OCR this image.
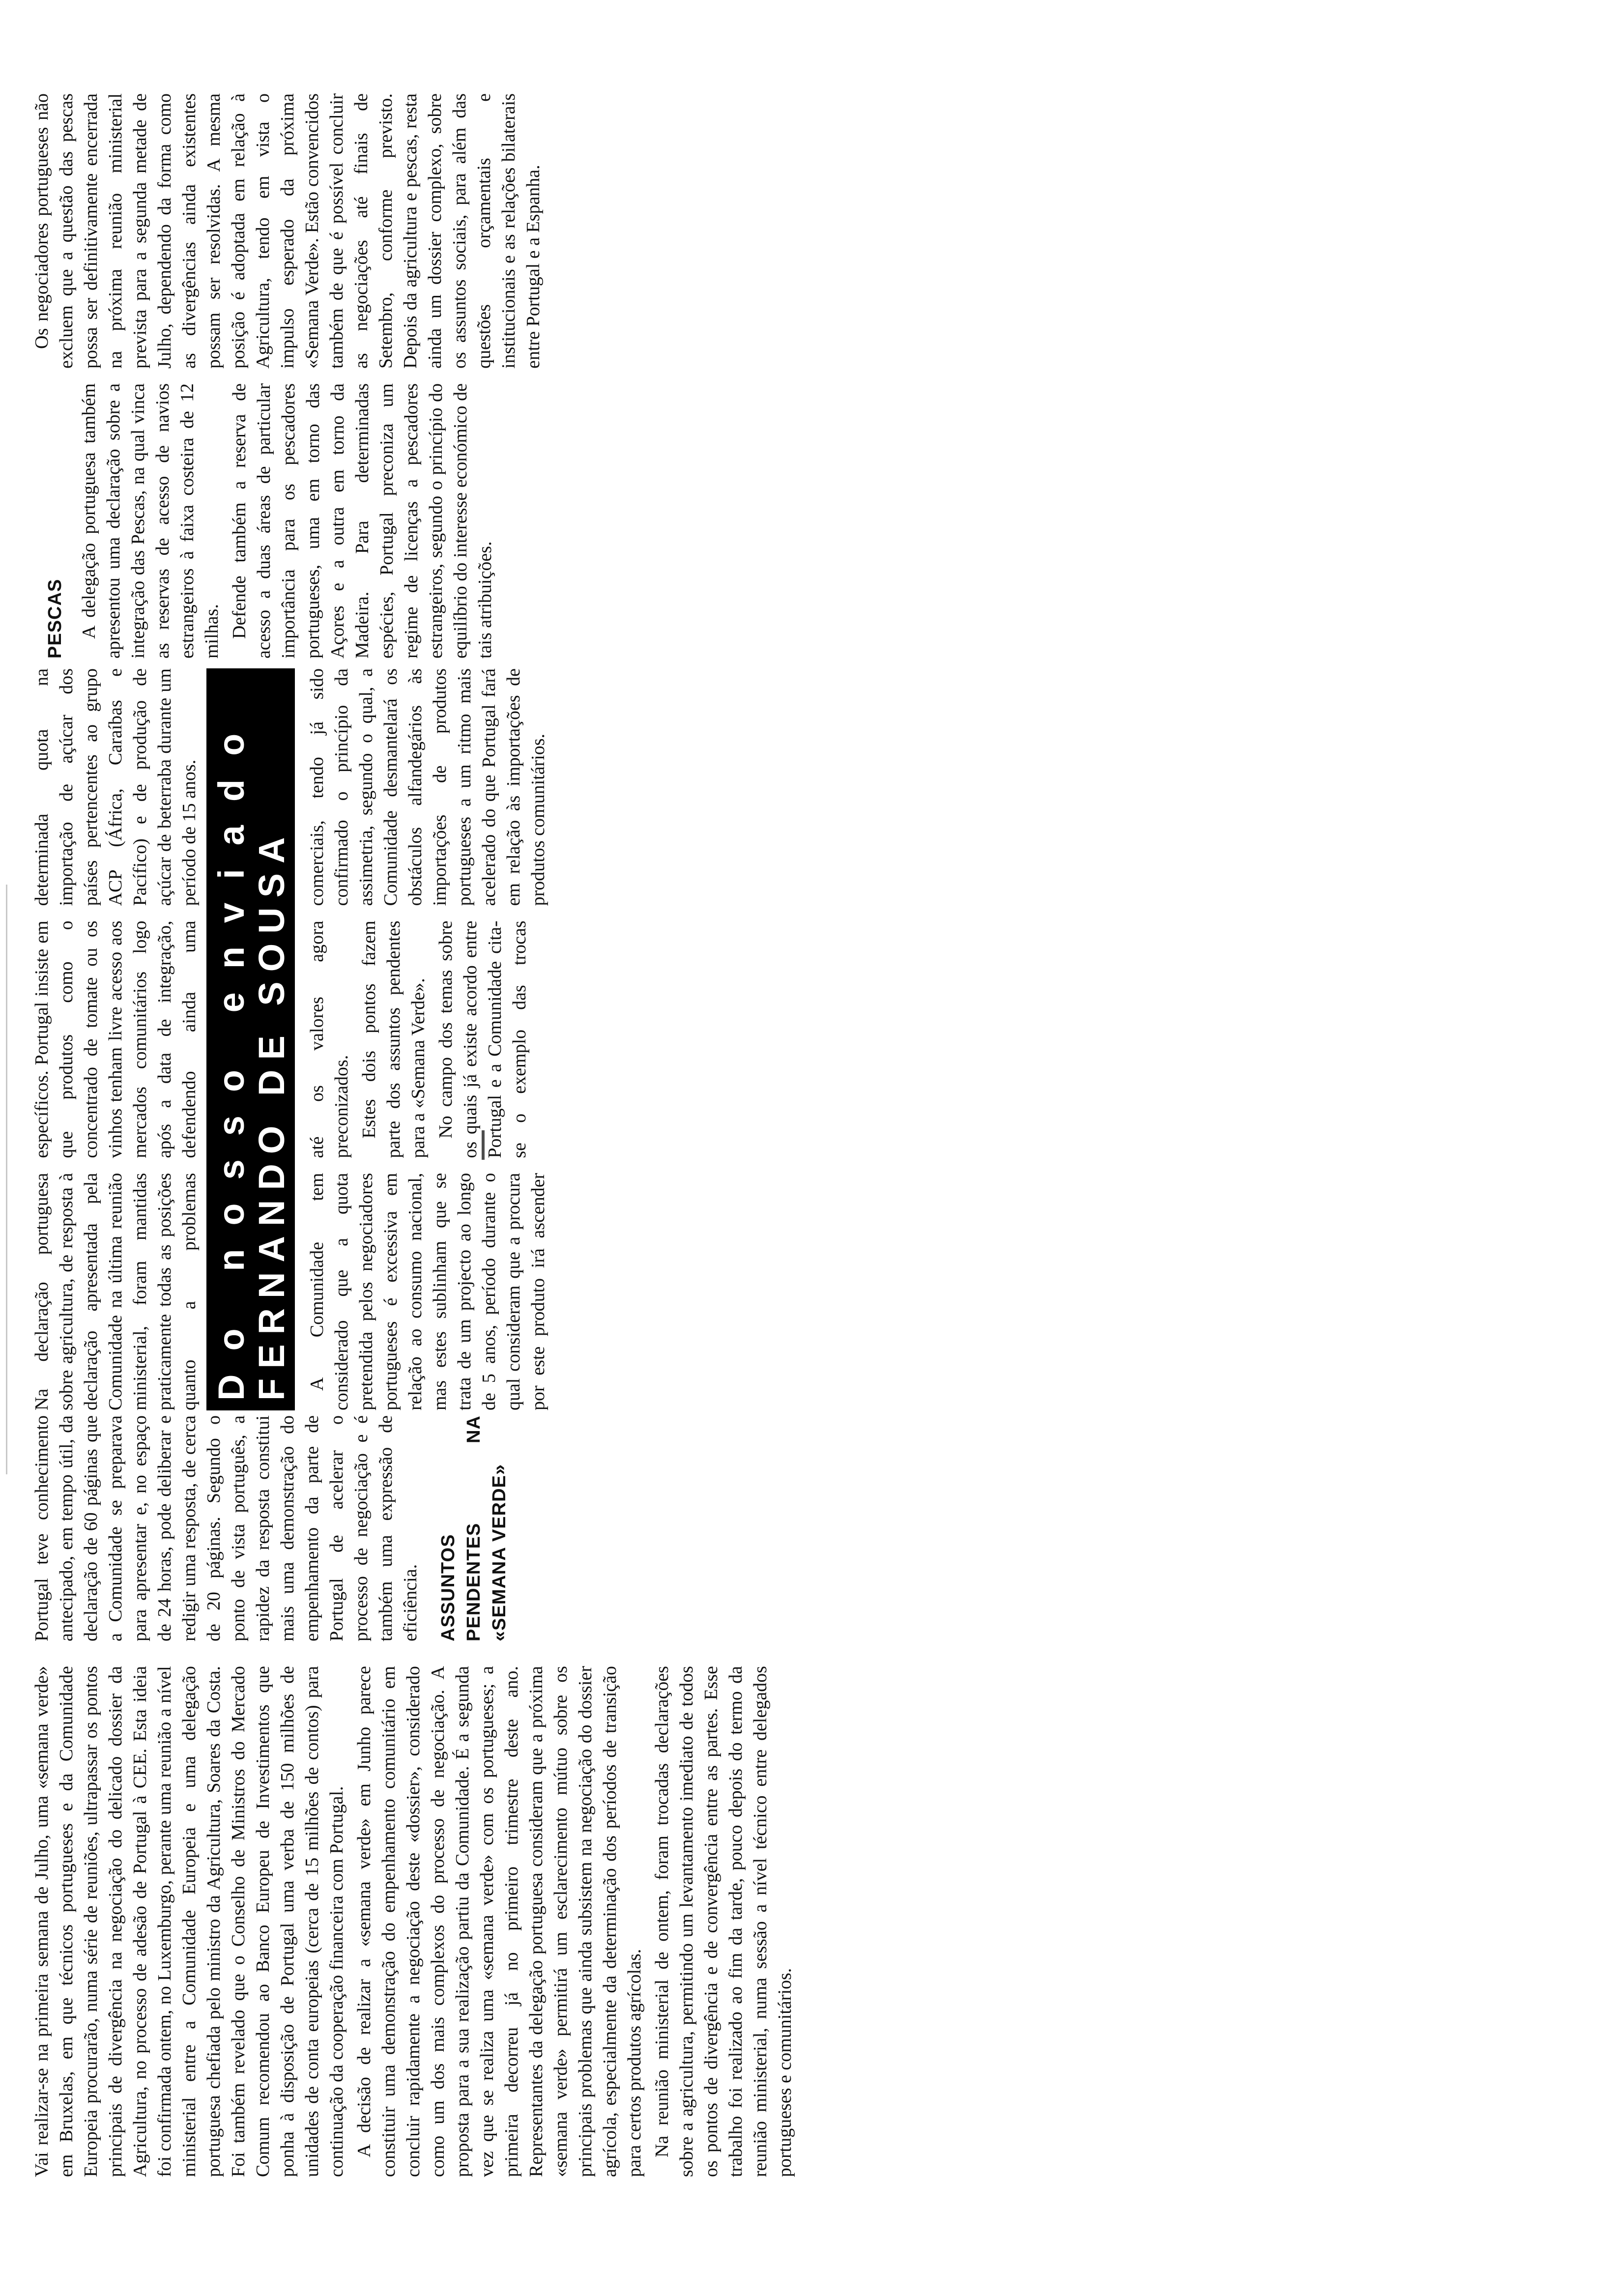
Vai realizar-se na primeira semana de Julho, uma «semana verde» em Bruxelas, em que técnicos portugueses e da Comunidade Europeia procurarão, numa série de reuniões, ultrapassar os pontos principais de divergência na negociação do delicado dossier da Agricultura, no processo de adesão de Portugal à CEE. Esta ideia foi confirmada ontem, no Luxemburgo, perante uma reunião a nível ministerial entre a Comunidade Europeia e uma delegação portuguesa chefiada pelo ministro da Agricultura, Soares da Costa. Foi também revelado que o Conselho de Ministros do Mercado Comum recomendou ao Banco Europeu de Investimentos que ponha à disposição de Portugal uma verba de 150 milhões de unidades de conta europeias (cerca de 15 milhões de contos) para continuação da cooperação financeira com Portugal. A decisão de realizar a «semana verde» em Junho parece constituir uma demonstração do empenhamento comunitário em concluir rapidamente a negociação deste «dossier», considerado como um dos mais complexos do processo de negociação. A proposta para a sua realização partiu da Comunidade. É a segunda vez que se realiza uma «semana verde» com os portugueses; a primeira decorreu já no primeiro trimestre deste ano. Representantes da delegação portuguesa consideram que a próxima «semana verde» permitirá um esclarecimento mútuo sobre os principais problemas que ainda subsistem na negociação do dossier agrícola, especialmente da determinação dos períodos de transição para certos produtos agrícolas. Na reunião ministerial de ontem, foram trocadas declarações sobre a agricultura, permitindo um levantamento imediato de todos os pontos de divergência e de convergência entre as partes. Esse trabalho foi realizado ao fim da tarde, pouco depois do termo da reunião ministerial, numa sessão a nível técnico entre delegados portugueses e comunitários.

Portugal teve conhecimento antecipado, em tempo útil, da declaração de 60 páginas que a Comunidade se preparava para apresentar e, no espaço de 24 horas, pode deliberar e redigir uma resposta, de cerca de 20 páginas. Segundo o ponto de vista português, a rapidez da resposta constitui mais uma demonstração do empenhamento da parte de Portugal de acelerar o processo de negociação e é também uma expressão de eficiência. ASSUNTOS PENDENTES NA «SEMANA VERDE»
Do nosso enviado FERNANDO DE SOUSA

Na declaração portuguesa sobre agricultura, de resposta à declaração apresentada pela Comunidade na última reunião ministerial, foram mantidas praticamente todas as posições quanto a problemas específicos. Portugal insiste em que produtos como o concentrado de tomate ou os vinhos tenham livre acesso aos mercados comunitários logo após a data de integração, defendendo ainda uma determinada quota na importação de açúcar dos países pertencentes ao grupo ACP (África, Caraíbas e Pacífico) e de produção de açúcar de beterraba durante um período de 15 anos.

A Comunidade tem considerado que a quota pretendida pelos negociadores portugueses é excessiva em relação ao consumo nacional, mas estes sublinham que se trata de um projecto ao longo de 5 anos, período durante o qual consideram que a procura por este produto irá ascender até os valores agora preconizados. Estes dois pontos fazem parte dos assuntos pendentes para a «Semana Verde». No campo dos temas sobre os quais já existe acordo entre Portugal e a Comunidade cita-se o exemplo das trocas comerciais, tendo já sido confirmado o princípio da assimetria, segundo o qual, a Comunidade desmantelará os obstáculos alfandegários às importações de produtos portugueses a um ritmo mais acelerado do que Portugal fará em relação às importações de produtos comunitários.

PESCAS A delegação portuguesa também apresentou uma declaração sobre a integração das Pescas, na qual vinca as reservas de acesso de navios estrangeiros à faixa costeira de 12 milhas. Defende também a reserva de acesso a duas áreas de particular importância para os pescadores portugueses, uma em torno das Açores e a outra em torno da Madeira. Para determinadas espécies, Portugal preconiza um regime de licenças a pescadores estrangeiros, segundo o princípio do equilíbrio do interesse económico de tais atribuições.

Os negociadores portugueses não excluem que a questão das pescas possa ser definitivamente encerrada na próxima reunião ministerial prevista para a segunda metade de Julho, dependendo da forma como as divergências ainda existentes possam ser resolvidas. A mesma posição é adoptada em relação à Agricultura, tendo em vista o impulso esperado da próxima «Semana Verde». Estão convencidos também de que é possível concluir as negociações até finais de Setembro, conforme previsto. Depois da agricultura e pescas, resta ainda um dossier complexo, sobre os assuntos sociais, para além das questões orçamentais e institucionais e as relações bilaterais entre Portugal e a Espanha.
